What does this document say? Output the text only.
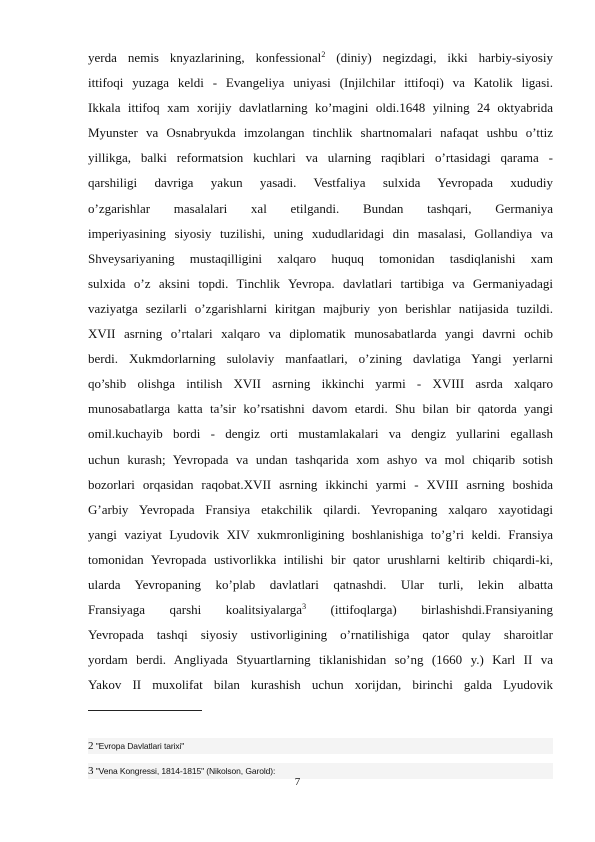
yerda nemis knyazlarining, konfessional$^2$ (diniy) negizdagi, ikki harbiy-siyosiy
ittifoqi yuzaga keldi - Evangeliya uniyasi (Injilchilar ittifoqi) va Katolik ligasi.
Ikkala ittifoq xam xorijiy davlatlarning ko’magini oldi.1648 yilning 24 oktyabrida
Myunster va Osnabryukda imzolangan tinchlik shartnomalari nafaqat ushbu o’ttiz
yillikga, balki reformatsion kuchlari va ularning raqiblari o’rtasidagi qarama -
qarshiligi davriga yakun yasadi. Vestfaliya sulxida Yevropada xududiy
o’zgarishlar masalalari xal etilgandi. Bundan tashqari, Germaniya
imperiyasining siyosiy tuzilishi, uning xududlaridagi din masalasi, Gollandiya va
Shveysariyaning mustaqilligini xalqaro huquq tomonidan tasdiqlanishi xam
sulxida o’z aksini topdi. Tinchlik Yevropa. davlatlari tartibiga va Germaniyadagi
vaziyatga sezilarli o’zgarishlarni kiritgan majburiy yon berishlar natijasida tuzildi.
XVII asrning o’rtalari xalqaro va diplomatik munosabatlarda yangi davrni ochib
berdi. Xukmdorlarning sulolaviy manfaatlari, o’zining davlatiga Yangi yerlarni
qo’shib olishga intilish XVII asrning ikkinchi yarmi - XVIII asrda xalqaro
munosabatlarga katta ta’sir ko’rsatishni davom etardi. Shu bilan bir qatorda yangi
omil.kuchayib bordi - dengiz orti mustamlakalari va dengiz yullarini egallash
uchun kurash; Yevropada va undan tashqarida xom ashyo va mol chiqarib sotish
bozorlari orqasidan raqobat.XVII asrning ikkinchi yarmi - XVIII asrning boshida
G’arbiy Yevropada Fransiya etakchilik qilardi. Yevropaning xalqaro xayotidagi
yangi vaziyat Lyudovik XIV xukmronligining boshlanishiga to’g’ri keldi. Fransiya
tomonidan Yevropada ustivorlikka intilishi bir qator urushlarni keltirib chiqardi-ki,
ularda Yevropaning ko’plab davlatlari qatnashdi. Ular turli, lekin albatta
Fransiyaga qarshi koalitsiyalarga$^3$ (ittifoqlarga) birlashishdi.Fransiyaning
Yevropada tashqi siyosiy ustivorligining o’rnatilishiga qator qulay sharoitlar
yordam berdi. Angliyada Styuartlarning tiklanishidan so’ng (1660 y.) Karl II va
Yakov II muxolifat bilan kurashish uchun xorijdan, birinchi galda Lyudovik
2 "Evropa Davlatlari tarixi"
3 "Vena Kongressi, 1814-1815" (Nikolson, Garold):
7
